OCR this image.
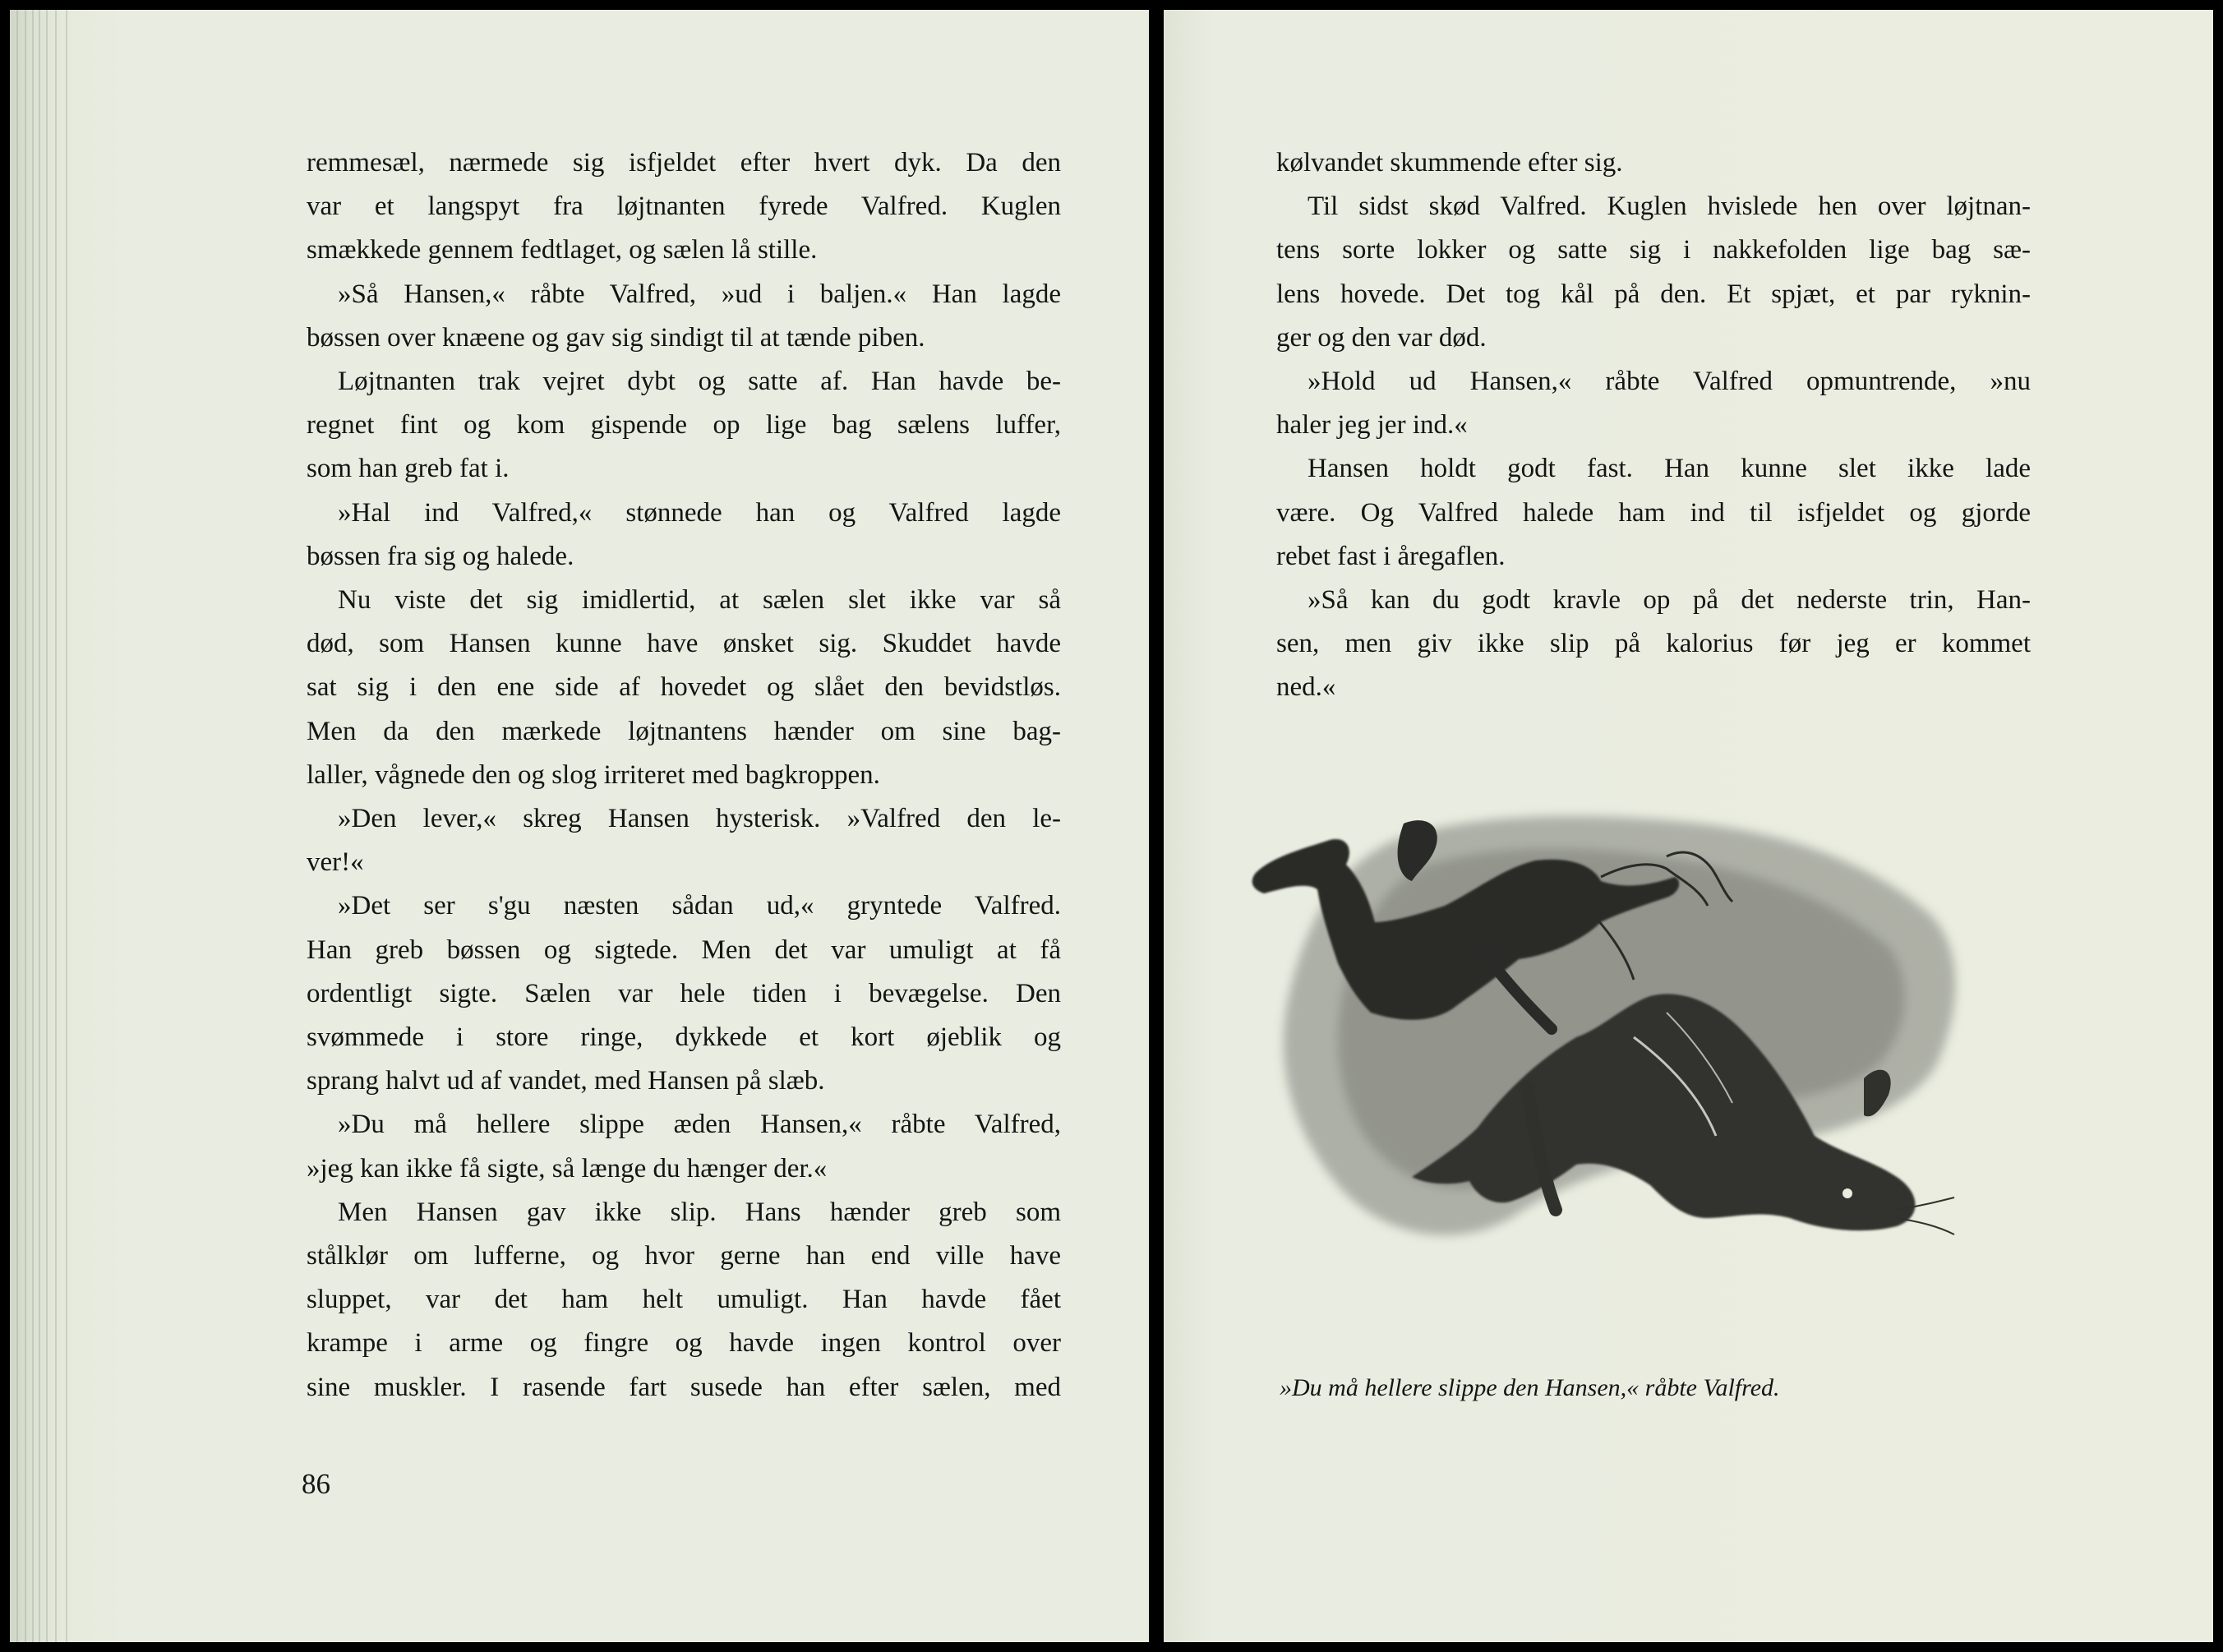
remmesæl, nærmede sig isfjeldet efter hvert dyk. Da den
var et langspyt fra løjtnanten fyrede Valfred. Kuglen
smækkede gennem fedtlaget, og sælen lå stille.

»Så Hansen,« råbte Valfred, »ud i baljen.« Han lagde
bøssen over knæene og gav sig sindigt til at tænde piben.

Løjtnanten trak vejret dybt og satte af. Han havde be-
regnet fint og kom gispende op lige bag sælens luffer,
som han greb fat i.

»Hal ind Valfred,« stønnede han og Valfred lagde
bøssen fra sig og halede.

Nu viste det sig imidlertid, at sælen slet ikke var så
død, som Hansen kunne have ønsket sig. Skuddet havde
sat sig i den ene side af hovedet og slået den bevidstløs.
Men da den mærkede løjtnantens hænder om sine bag-
laller, vågnede den og slog irriteret med bagkroppen.

»Den lever,« skreg Hansen hysterisk. »Valfred den le-
ver!«

»Det ser s'gu næsten sådan ud,« gryntede Valfred.
Han greb bøssen og sigtede. Men det var umuligt at få
ordentligt sigte. Sælen var hele tiden i bevægelse. Den
svømmede i store ringe, dykkede et kort øjeblik og
sprang halvt ud af vandet, med Hansen på slæb.

»Du må hellere slippe æden Hansen,« råbte Valfred,
»jeg kan ikke få sigte, så længe du hænger der.«

Men Hansen gav ikke slip. Hans hænder greb som
stålklør om lufferne, og hvor gerne han end ville have
sluppet, var det ham helt umuligt. Han havde fået
krampe i arme og fingre og havde ingen kontrol over
sine muskler. I rasende fart susede han efter sælen, med

86

kølvandet skummende efter sig.

Til sidst skød Valfred. Kuglen hvislede hen over løjtnan-
tens sorte lokker og satte sig i nakkefolden lige bag sæ-
lens hovede. Det tog kål på den. Et spjæt, et par ryknin-
ger og den var død.

»Hold ud Hansen,« råbte Valfred opmuntrende, »nu
haler jeg jer ind.«

Hansen holdt godt fast. Han kunne slet ikke lade
være. Og Valfred halede ham ind til isfjeldet og gjorde
rebet fast i åregaflen.

»Så kan du godt kravle op på det nederste trin, Han-
sen, men giv ikke slip på kalorius før jeg er kommet
ned.«

»Du må hellere slippe den Hansen,« råbte Valfred.
